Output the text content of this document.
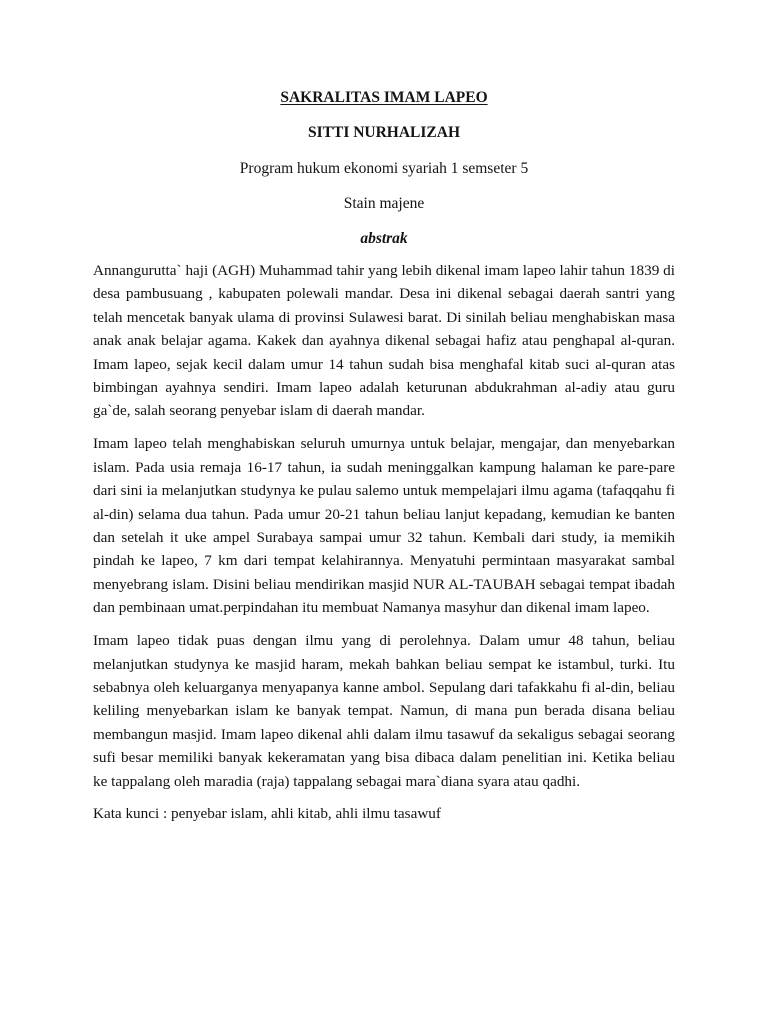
SAKRALITAS IMAM LAPEO

SITTI NURHALIZAH

Program hukum ekonomi syariah 1 semseter 5

Stain majene

abstrak

Annangurutta` haji (AGH) Muhammad tahir yang lebih dikenal imam lapeo lahir tahun 1839 di desa pambusuang , kabupaten polewali mandar. Desa ini dikenal sebagai daerah santri yang telah mencetak banyak ulama di provinsi Sulawesi barat. Di sinilah beliau menghabiskan masa anak anak belajar agama. Kakek dan ayahnya dikenal sebagai hafiz atau penghapal al-quran. Imam lapeo, sejak kecil dalam umur 14 tahun sudah bisa menghafal kitab suci al-quran atas bimbingan ayahnya sendiri. Imam lapeo adalah keturunan abdukrahman al-adiy atau guru ga`de, salah seorang penyebar islam di daerah mandar.

Imam lapeo telah menghabiskan seluruh umurnya untuk belajar, mengajar, dan menyebarkan islam. Pada usia remaja 16-17 tahun, ia sudah meninggalkan kampung halaman ke pare-pare dari sini ia melanjutkan studynya ke pulau salemo untuk mempelajari ilmu agama (tafaqqahu fi al-din) selama dua tahun. Pada umur 20-21 tahun beliau lanjut kepadang, kemudian ke banten dan setelah it uke ampel Surabaya sampai umur 32 tahun. Kembali dari study, ia memikih pindah ke lapeo, 7 km dari tempat kelahirannya. Menyatuhi permintaan masyarakat sambal menyebrang islam. Disini beliau mendirikan masjid NUR AL-TAUBAH sebagai tempat ibadah dan pembinaan umat.perpindahan itu membuat Namanya masyhur dan dikenal imam lapeo.

Imam lapeo tidak puas dengan ilmu yang di perolehnya. Dalam umur 48 tahun, beliau melanjutkan studynya ke masjid haram, mekah bahkan beliau sempat ke istambul, turki. Itu sebabnya oleh keluarganya menyapanya kanne ambol. Sepulang dari tafakkahu fi al-din, beliau keliling menyebarkan islam ke banyak tempat. Namun, di mana pun berada disana beliau membangun masjid. Imam lapeo dikenal ahli dalam ilmu tasawuf da sekaligus sebagai seorang sufi besar memiliki banyak kekeramatan yang bisa dibaca dalam penelitian ini. Ketika beliau ke tappalang oleh maradia (raja) tappalang sebagai mara`diana syara atau qadhi.

Kata kunci : penyebar islam, ahli kitab, ahli ilmu tasawuf
